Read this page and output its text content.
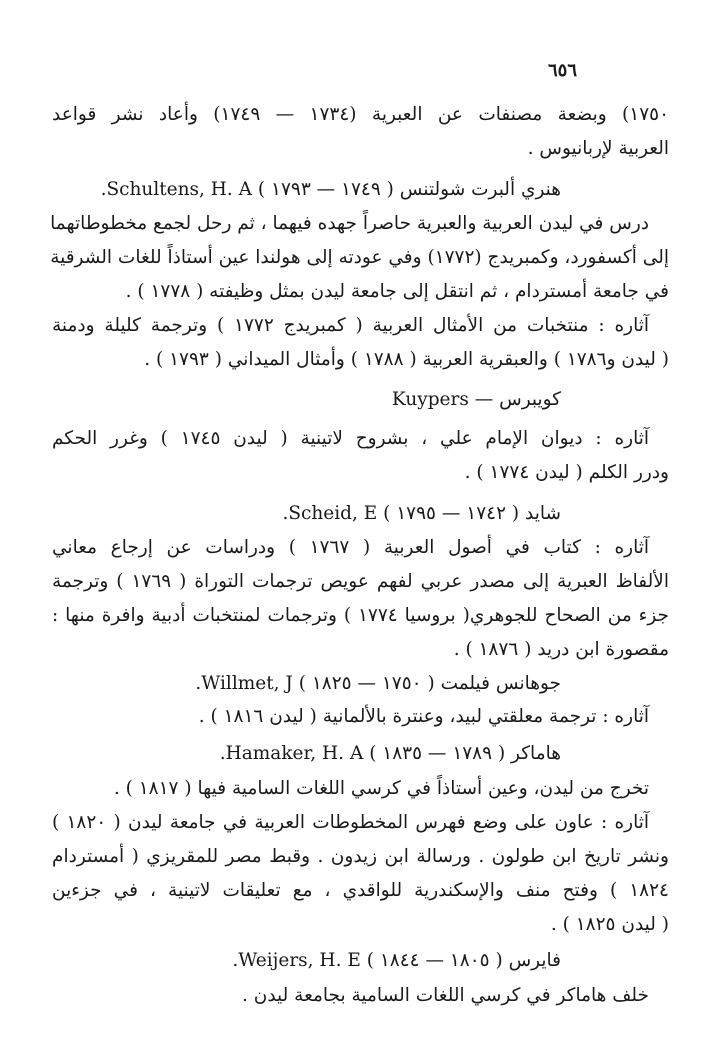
٦٥٦
١٧٥٠) وبضعة مصنفات عن العبرية (١٧٣٤ — ١٧٤٩) وأعاد نشر قواعد
العربية لإربانيوس .
هنري ألبرت شولتنس ( ١٧٤٩ — ١٧٩٣ ) Schultens, H. A.
درس في ليدن العربية والعبرية حاصراً جهده فيهما ، ثم رحل لجمع مخطوطاتهما
إلى أكسفورد، وكمبريدج (١٧٧٢) وفي عودته إلى هولندا عين أستاذاً للغات الشرقية
في جامعة أمستردام ، ثم انتقل إلى جامعة ليدن بمثل وظيفته ( ١٧٧٨ ) .
آثاره : منتخبات من الأمثال العربية ( كمبريدج ١٧٧٢ ) وترجمة كليلة ودمنة
( ليدن و١٧٨٦ ) والعبقرية العربية ( ١٧٨٨ ) وأمثال الميداني ( ١٧٩٣ ) .
كويبرس — Kuypers
آثاره : ديوان الإمام علي ، بشروح لاتينية ( ليدن ١٧٤٥ ) وغرر الحكم
ودرر الكلم ( ليدن ١٧٧٤ ) .
شايد ( ١٧٤٢ — ١٧٩٥ ) Scheid, E.
آثاره : كتاب في أصول العربية ( ١٧٦٧ ) ودراسات عن إرجاع معاني
الألفاظ العبرية إلى مصدر عربي لفهم عويص ترجمات التوراة ( ١٧٦٩ ) وترجمة
جزء من الصحاح للجوهري( بروسيا ١٧٧٤ ) وترجمات لمنتخبات أدبية وافرة منها :
مقصورة ابن دريد ( ١٨٧٦ ) .
جوهانس فيلمت ( ١٧٥٠ — ١٨٢٥ ) Willmet, J.
آثاره : ترجمة معلقتي لبيد، وعنترة بالألمانية ( ليدن ١٨١٦ ) .
هاماكر ( ١٧٨٩ — ١٨٣٥ ) Hamaker, H. A.
تخرج من ليدن، وعين أستاذاً في كرسي اللغات السامية فيها ( ١٨١٧ ) .
آثاره : عاون على وضع فهرس المخطوطات العربية في جامعة ليدن ( ١٨٢٠ )
ونشر تاريخ ابن طولون . ورسالة ابن زيدون . وقبط مصر للمقريزي ( أمستردام
١٨٢٤ ) وفتح منف والإسكندرية للواقدي ، مع تعليقات لاتينية ، في جزءين
( ليدن ١٨٢٥ ) .
فايرس ( ١٨٠٥ — ١٨٤٤ ) Weijers, H. E.
خلف هاماكر في كرسي اللغات السامية بجامعة ليدن .
